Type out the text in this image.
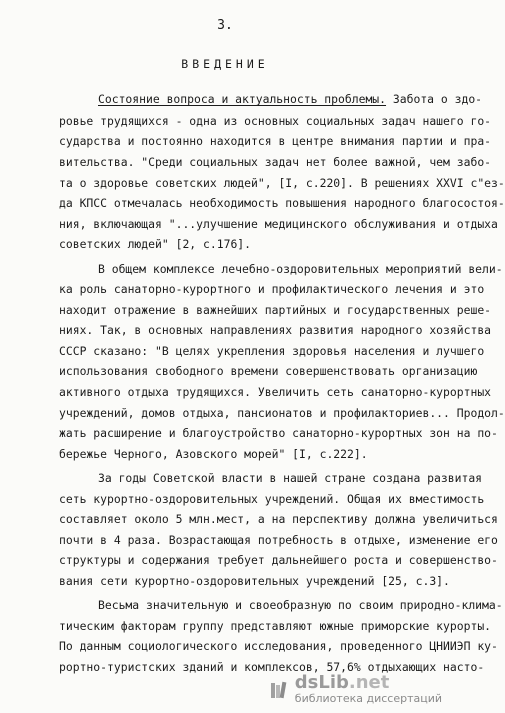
3.
ВВЕДЕНИЕ
Состояние вопроса и актуальность проблемы. Забота о здо-
ровье трудящихся - одна из основных социальных задач нашего го-
сударства и постоянно находится в центре внимания партии и пра-
вительства. "Среди социальных задач нет более важной, чем забо-
та о здоровье советских людей", [I, с.220]. В решениях XXVI с"ез-
да КПСС отмечалась необходимость повышения народного благосостоя-
ния, включающая "...улучшение медицинского обслуживания и отдыха
советских людей" [2, с.176].
В общем комплексе лечебно-оздоровительных мероприятий вели-
ка роль санаторно-курортного и профилактического лечения и это
находит отражение в важнейших партийных и государственных реше-
ниях. Так, в основных направлениях развития народного хозяйства
СССР сказано: "В целях укрепления здоровья населения и лучшего
использования свободного времени совершенствовать организацию
активного отдыха трудящихся. Увеличить сеть санаторно-курортных
учреждений, домов отдыха, пансионатов и профилакториев... Продол-
жать расширение и благоустройство санаторно-курортных зон на по-
бережье Черного, Азовского морей" [I, с.222].
За годы Советской власти в нашей стране создана развитая
сеть курортно-оздоровительных учреждений. Общая их вместимость
составляет около 5 млн.мест, а на перспективу должна увеличиться
почти в 4 раза. Возрастающая потребность в отдыхе, изменение его
структуры и содержания требует дальнейшего роста и совершенство-
вания сети курортно-оздоровительных учреждений [25, с.3].
Весьма значительную и своеобразную по своим природно-климa-
тическим факторам группу представляют южные приморские курорты.
По данным социологического исследования, проведенного ЦНИИЭП ку-
рортно-туристских зданий и комплексов, 57,6% отдыхающих насто-
dsLib.net
библиотека диссертаций
